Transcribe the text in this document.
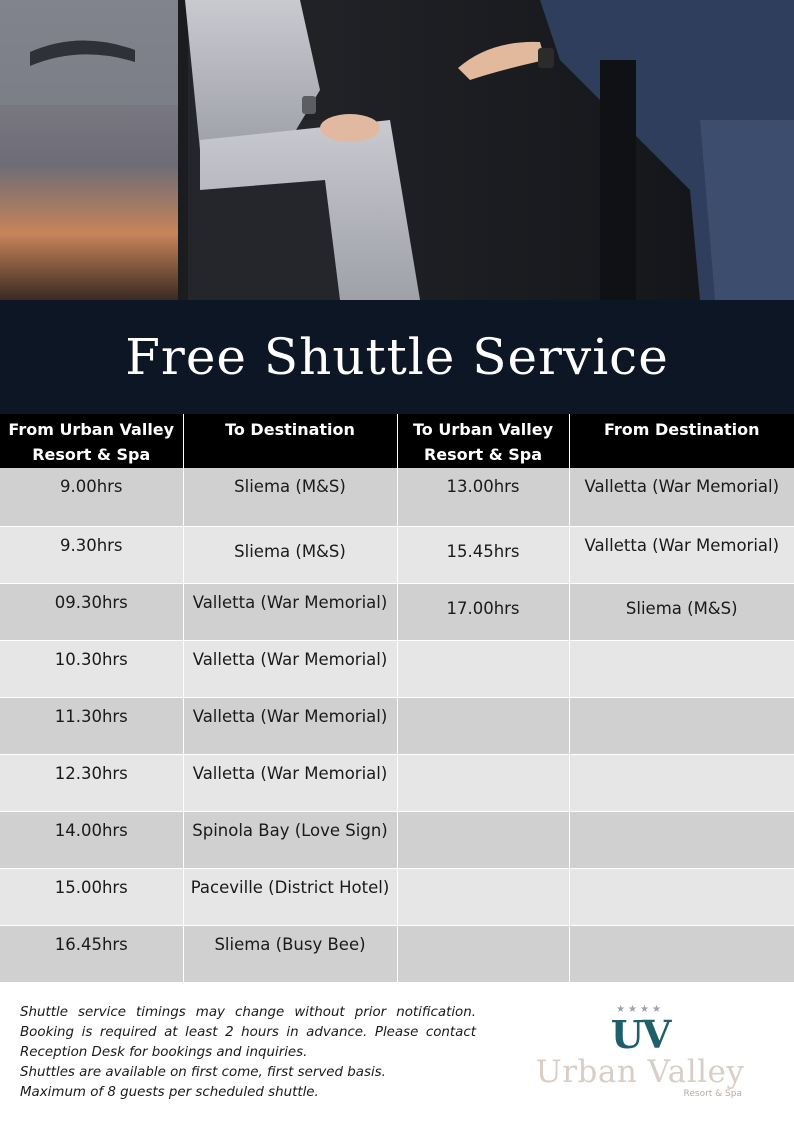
Free Shuttle Service
From Urban Valley Resort & Spa	To Destination	To Urban Valley Resort & Spa	From Destination
9.00hrs	Sliema (M&S)	13.00hrs	Valletta (War Memorial)
9.30hrs	Sliema (M&S)	15.45hrs	Valletta (War Memorial)
09.30hrs	Valletta (War Memorial)	17.00hrs	Sliema (M&S)
10.30hrs	Valletta (War Memorial)		
11.30hrs	Valletta (War Memorial)		
12.30hrs	Valletta (War Memorial)		
14.00hrs	Spinola Bay (Love Sign)		
15.00hrs	Paceville (District Hotel)		
16.45hrs	Sliema (Busy Bee)		

Shuttle service timings may change without prior notification. Booking is required at least 2 hours in advance. Please contact Reception Desk for bookings and inquiries.

Shuttles are available on first come, first served basis.

Maximum of 8 guests per scheduled shuttle.

★★★★
UV
Urban Valley
Resort & Spa
